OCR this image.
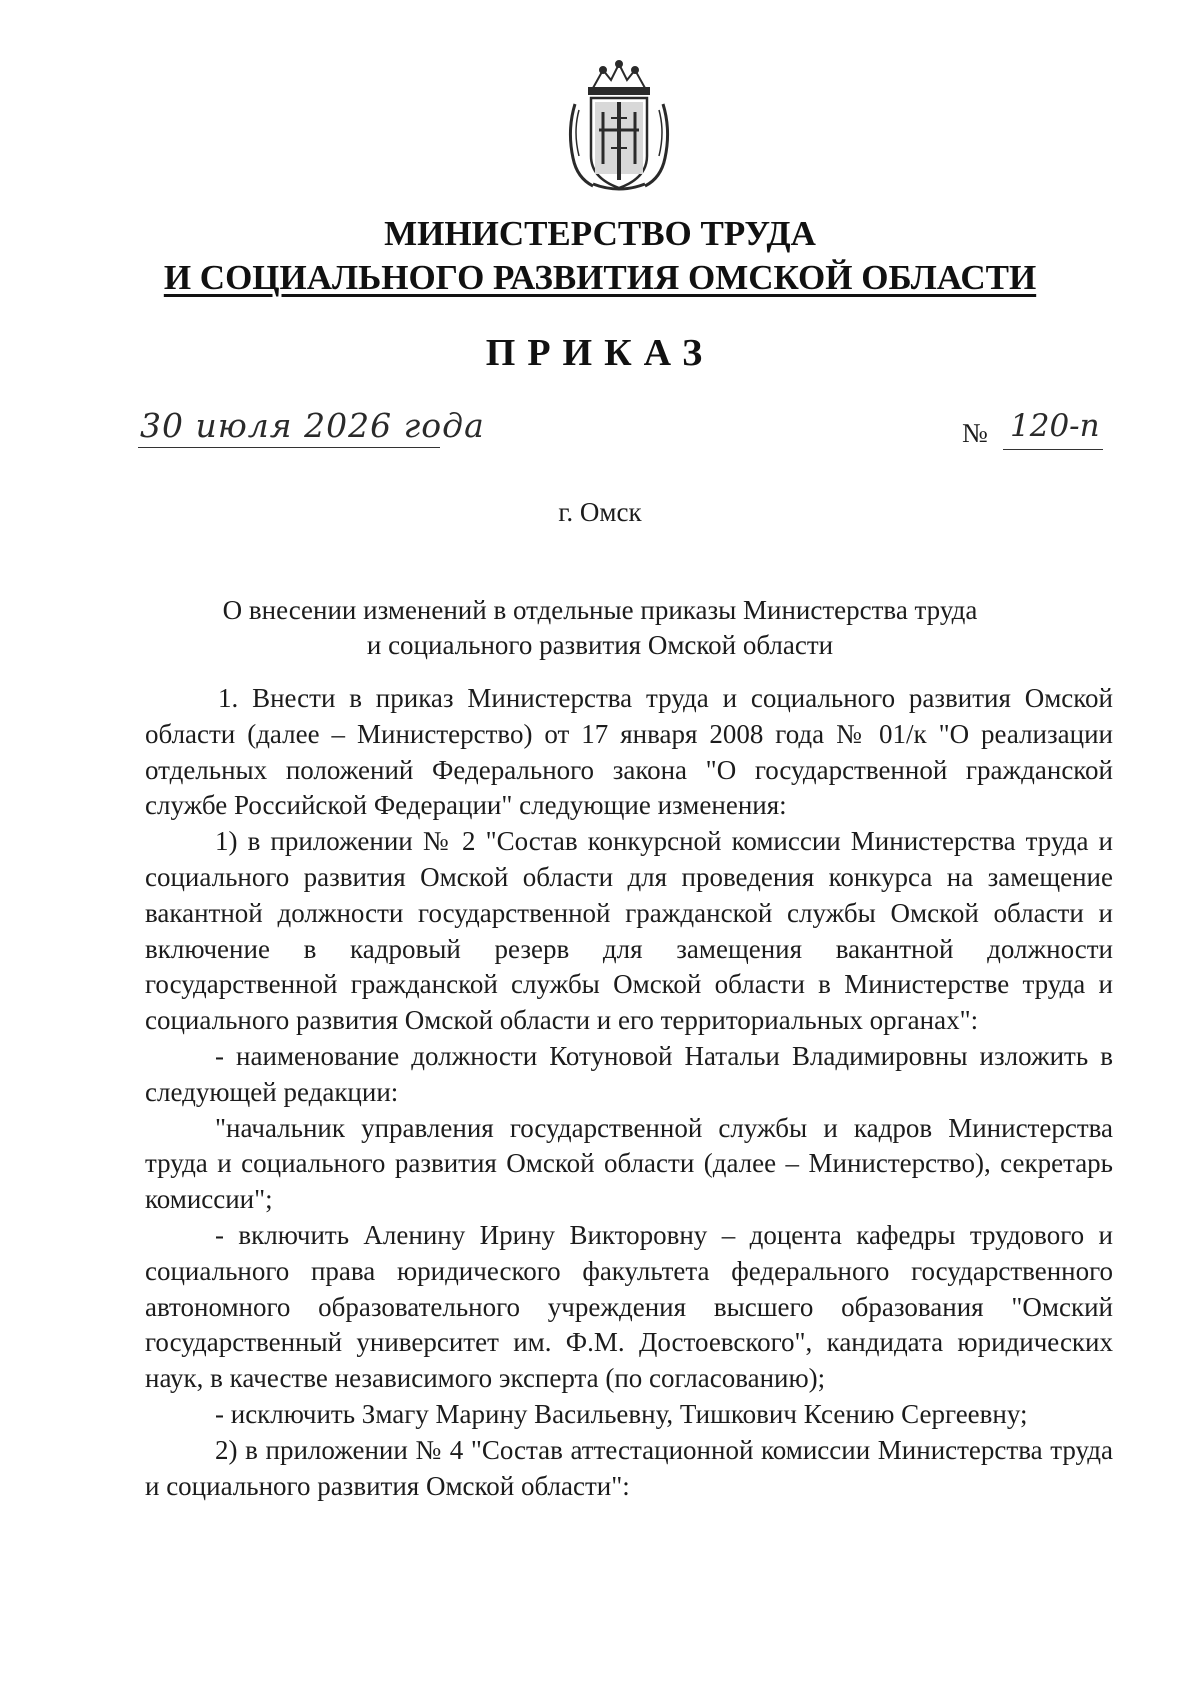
МИНИСТЕРСТВО ТРУДА
И СОЦИАЛЬНОГО РАЗВИТИЯ ОМСКОЙ ОБЛАСТИ
ПРИКАЗ
30 июля 2026 года	№ 120-п
г. Омск
О внесении изменений в отдельные приказы Министерства труда
и социального развития Омской области

1. Внести в приказ Министерства труда и социального развития Омской области (далее – Министерство) от 17 января 2008 года № 01/к "О реализации отдельных положений Федерального закона "О государственной гражданской службе Российской Федерации" следующие изменения:

1) в приложении № 2 "Состав конкурсной комиссии Министерства труда и социального развития Омской области для проведения конкурса на замещение вакантной должности государственной гражданской службы Омской области и включение в кадровый резерв для замещения вакантной должности государственной гражданской службы Омской области в Министерстве труда и социального развития Омской области и его территориальных органах":

- наименование должности Котуновой Натальи Владимировны изложить в следующей редакции:

"начальник управления государственной службы и кадров Министерства труда и социального развития Омской области (далее – Министерство), секретарь комиссии";

- включить Аленину Ирину Викторовну – доцента кафедры трудового и социального права юридического факультета федерального государственного автономного образовательного учреждения высшего образования "Омский государственный университет им. Ф.М. Достоевского", кандидата юридических наук, в качестве независимого эксперта (по согласованию);

- исключить Змагу Марину Васильевну, Тишкович Ксению Сергеевну;

2) в приложении № 4 "Состав аттестационной комиссии Министерства труда и социального развития Омской области":
